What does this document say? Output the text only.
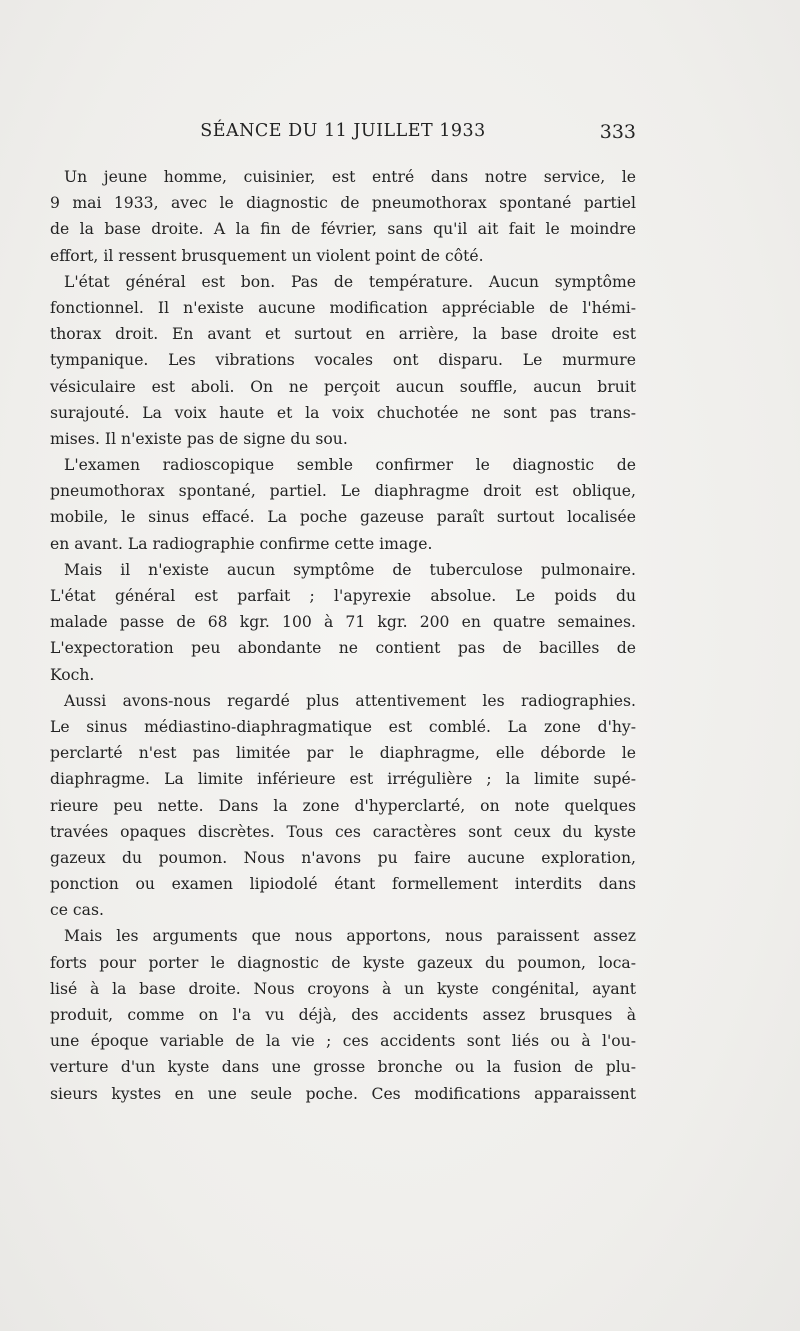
SÉANCE DU 11 JUILLET 1933	333
Un jeune homme, cuisinier, est entré dans notre service, le
9 mai 1933, avec le diagnostic de pneumothorax spontané partiel
de la base droite. A la fin de février, sans qu'il ait fait le moindre
effort, il ressent brusquement un violent point de côté.
L'état général est bon. Pas de température. Aucun symptôme
fonctionnel. Il n'existe aucune modification appréciable de l'hémi-
thorax droit. En avant et surtout en arrière, la base droite est
tympanique. Les vibrations vocales ont disparu. Le murmure
vésiculaire est aboli. On ne perçoit aucun souffle, aucun bruit
surajouté. La voix haute et la voix chuchotée ne sont pas trans-
mises. Il n'existe pas de signe du sou.
L'examen radioscopique semble confirmer le diagnostic de
pneumothorax spontané, partiel. Le diaphragme droit est oblique,
mobile, le sinus effacé. La poche gazeuse paraît surtout localisée
en avant. La radiographie confirme cette image.
Mais il n'existe aucun symptôme de tuberculose pulmonaire.
L'état général est parfait ; l'apyrexie absolue. Le poids du
malade passe de 68 kgr. 100 à 71 kgr. 200 en quatre semaines.
L'expectoration peu abondante ne contient pas de bacilles de
Koch.
Aussi avons-nous regardé plus attentivement les radiographies.
Le sinus médiastino-diaphragmatique est comblé. La zone d'hy-
perclarté n'est pas limitée par le diaphragme, elle déborde le
diaphragme. La limite inférieure est irrégulière ; la limite supé-
rieure peu nette. Dans la zone d'hyperclarté, on note quelques
travées opaques discrètes. Tous ces caractères sont ceux du kyste
gazeux du poumon. Nous n'avons pu faire aucune exploration,
ponction ou examen lipiodolé étant formellement interdits dans
ce cas.
Mais les arguments que nous apportons, nous paraissent assez
forts pour porter le diagnostic de kyste gazeux du poumon, loca-
lisé à la base droite. Nous croyons à un kyste congénital, ayant
produit, comme on l'a vu déjà, des accidents assez brusques à
une époque variable de la vie ; ces accidents sont liés ou à l'ou-
verture d'un kyste dans une grosse bronche ou la fusion de plu-
sieurs kystes en une seule poche. Ces modifications apparaissent
